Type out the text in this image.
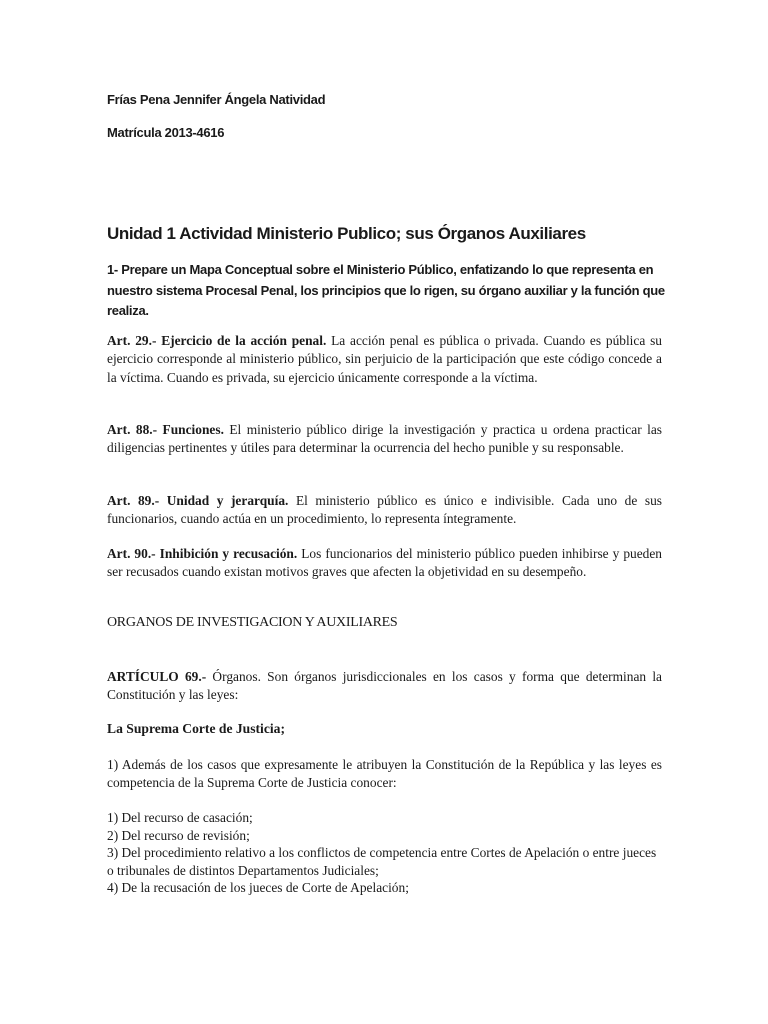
Frías Pena Jennifer Ángela Natividad
Matrícula 2013-4616
Unidad 1 Actividad Ministerio Publico; sus Órganos Auxiliares
1- Prepare un Mapa Conceptual sobre el Ministerio Público, enfatizando lo que representa en nuestro sistema Procesal Penal, los principios que lo rigen, su órgano auxiliar y la función que realiza.

Art. 29.- Ejercicio de la acción penal. La acción penal es pública o privada. Cuando es pública su ejercicio corresponde al ministerio público, sin perjuicio de la participación que este código concede a la víctima. Cuando es privada, su ejercicio únicamente corresponde a la víctima.

Art. 88.- Funciones. El ministerio público dirige la investigación y practica u ordena practicar las diligencias pertinentes y útiles para determinar la ocurrencia del hecho punible y su responsable.

Art. 89.- Unidad y jerarquía. El ministerio público es único e indivisible. Cada uno de sus funcionarios, cuando actúa en un procedimiento, lo representa íntegramente.

Art. 90.- Inhibición y recusación. Los funcionarios del ministerio público pueden inhibirse y pueden ser recusados cuando existan motivos graves que afecten la objetividad en su desempeño.

ORGANOS DE INVESTIGACION Y AUXILIARES

ARTÍCULO 69.- Órganos. Son órganos jurisdiccionales en los casos y forma que determinan la Constitución y las leyes:

La Suprema Corte de Justicia;

1) Además de los casos que expresamente le atribuyen la Constitución de la República y las leyes es competencia de la Suprema Corte de Justicia conocer:

1) Del recurso de casación;
2) Del recurso de revisión;
3) Del procedimiento relativo a los conflictos de competencia entre Cortes de Apelación o entre jueces o tribunales de distintos Departamentos Judiciales;
4) De la recusación de los jueces de Corte de Apelación;
